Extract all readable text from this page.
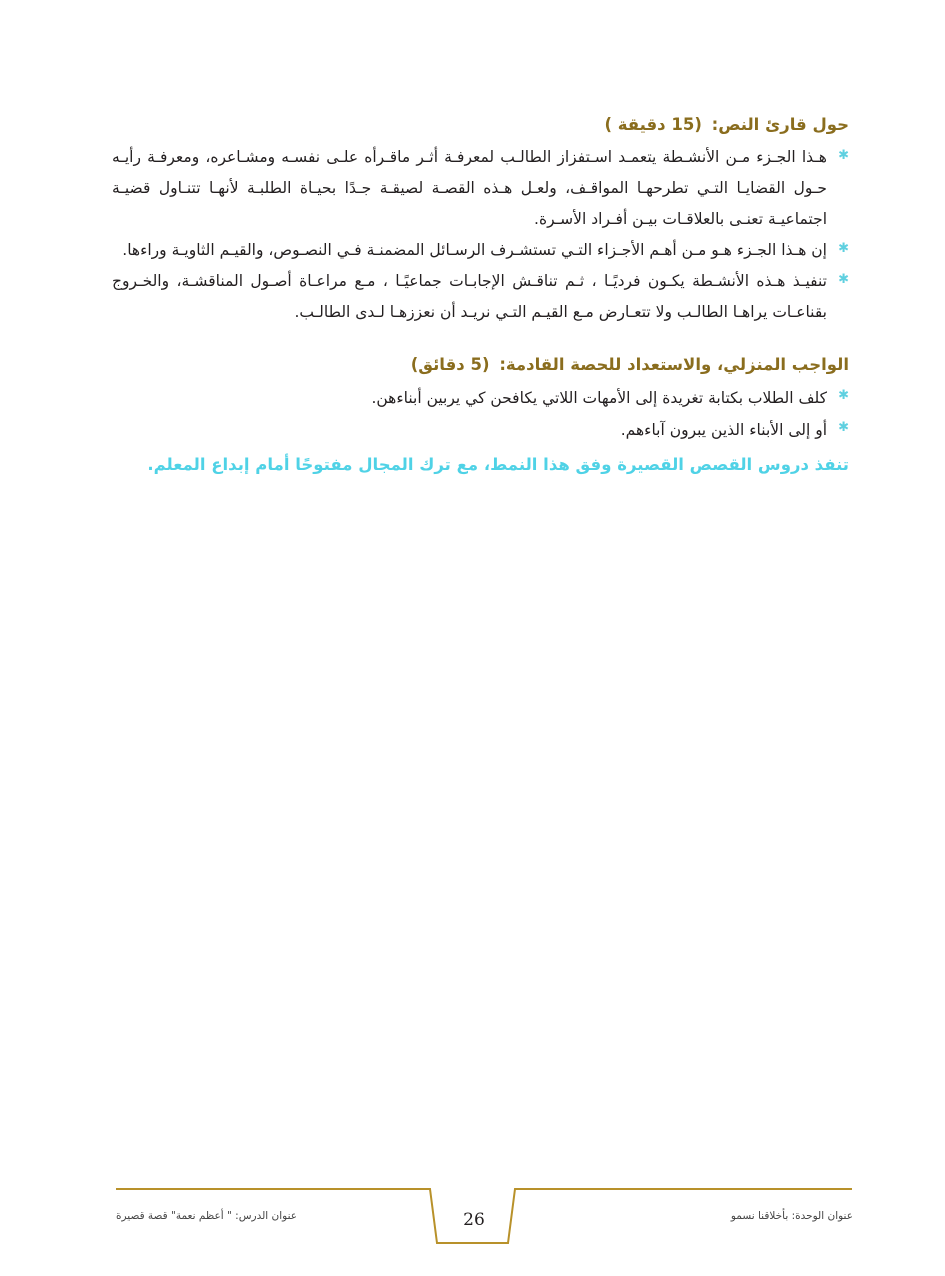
حول قارئ النص: (15 دقيقة )
✱
هـذا الجـزء مـن الأنشـطة يتعمـد اسـتفزاز الطالـب لمعرفـة أثـر ماقـرأه علـى نفسـه ومشـاعره، ومعرفـة رأيـه حـول القضايـا التـي تطرحهـا المواقـف، ولعـل هـذه القصـة لصيقـة جـدًا بحيـاة الطلبـة لأنهـا تتنـاول قضيـة اجتماعيـة تعنـى بالعلاقـات بيـن أفـراد الأسـرة.
✱
إن هـذا الجـزء هـو مـن أهـم الأجـزاء التـي تستشـرف الرسـائل المضمنـة فـي النصـوص، والقيـم الثاويـة وراءها.
✱
تنفيـذ هـذه الأنشـطة يكـون فرديًـا ، ثـم تناقـش الإجابـات جماعيًـا ، مـع مراعـاة أصـول المناقشـة، والخـروج بقناعـات يراهـا الطالـب ولا تتعـارض مـع القيـم التـي نريـد أن نعززهـا لـدى الطالـب.
الواجب المنزلي، والاستعداد للحصة القادمة: (5 دقائق)
✱
كلف الطلاب بكتابة تغريدة إلى الأمهات اللاتي يكافحن كي يربين أبناءهن.
✱
أو إلى الأبناء الذين يبرون آباءهم.

تنفذ دروس القصص القصيرة وفق هذا النمط، مع ترك المجال مفتوحًا أمام إبداع المعلم.

عنوان الوحدة: بأخلاقنا نسمو
26
عنوان الدرس: " أعظم نعمة" قصة قصيرة
